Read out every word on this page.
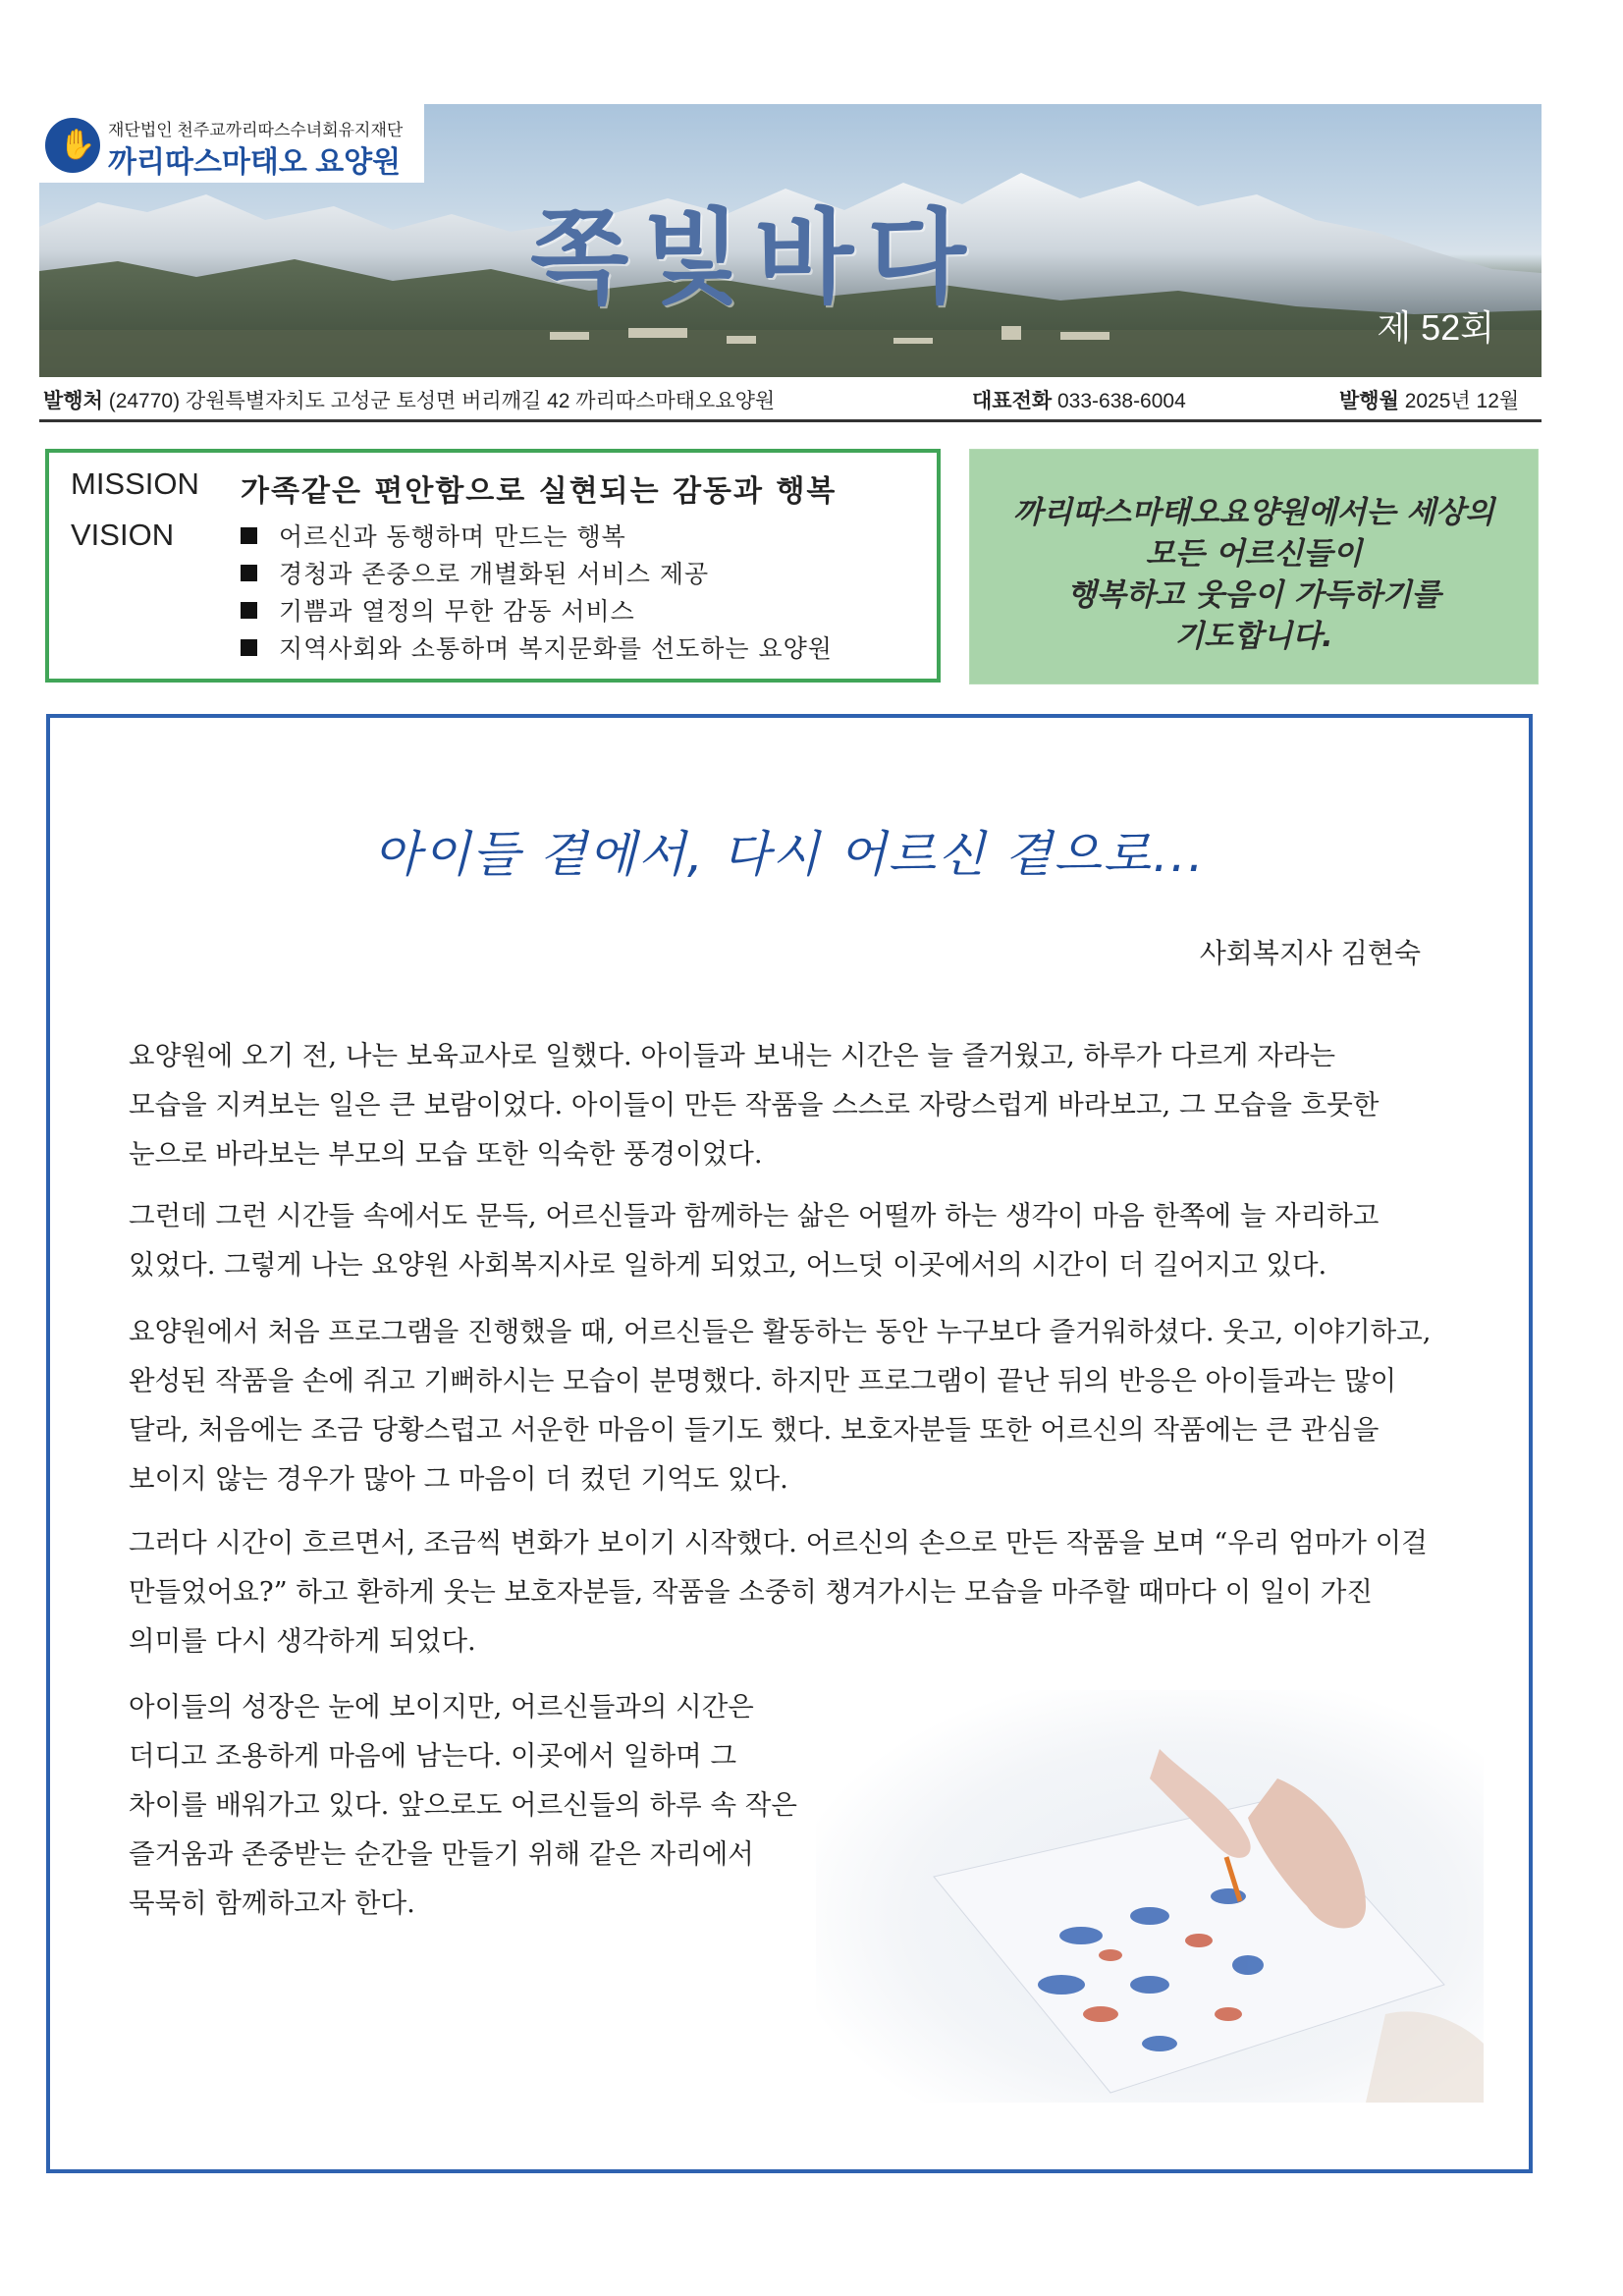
✋ 재단법인 천주교까리따스수녀회유지재단
까리따스마태오 요양원
쪽빛바다
제 52회
발행처 (24770) 강원특별자치도 고성군 토성면 버리깨길 42 까리따스마태오요양원	대표전화 033-638-6004	발행월 2025년 12월
MISSION 가족같은 편안함으로 실현되는 감동과 행복
VISION	어르신과 동행하며 만드는 행복
경청과 존중으로 개별화된 서비스 제공
기쁨과 열정의 무한 감동 서비스
지역사회와 소통하며 복지문화를 선도하는 요양원
까리따스마태오요양원에서는 세상의
모든 어르신들이
행복하고 웃음이 가득하기를
기도합니다.
아이들 곁에서, 다시 어르신 곁으로...
사회복지사 김현숙

요양원에 오기 전, 나는 보육교사로 일했다. 아이들과 보내는 시간은 늘 즐거웠고, 하루가 다르게 자라는
모습을 지켜보는 일은 큰 보람이었다. 아이들이 만든 작품을 스스로 자랑스럽게 바라보고, 그 모습을 흐뭇한
눈으로 바라보는 부모의 모습 또한 익숙한 풍경이었다.

그런데 그런 시간들 속에서도 문득, 어르신들과 함께하는 삶은 어떨까 하는 생각이 마음 한쪽에 늘 자리하고
있었다. 그렇게 나는 요양원 사회복지사로 일하게 되었고, 어느덧 이곳에서의 시간이 더 길어지고 있다.

요양원에서 처음 프로그램을 진행했을 때, 어르신들은 활동하는 동안 누구보다 즐거워하셨다. 웃고, 이야기하고,
완성된 작품을 손에 쥐고 기뻐하시는 모습이 분명했다. 하지만 프로그램이 끝난 뒤의 반응은 아이들과는 많이
달라, 처음에는 조금 당황스럽고 서운한 마음이 들기도 했다. 보호자분들 또한 어르신의 작품에는 큰 관심을
보이지 않는 경우가 많아 그 마음이 더 컸던 기억도 있다.

그러다 시간이 흐르면서, 조금씩 변화가 보이기 시작했다. 어르신의 손으로 만든 작품을 보며 “우리 엄마가 이걸
만들었어요?” 하고 환하게 웃는 보호자분들, 작품을 소중히 챙겨가시는 모습을 마주할 때마다 이 일이 가진
의미를 다시 생각하게 되었다.

아이들의 성장은 눈에 보이지만, 어르신들과의 시간은
더디고 조용하게 마음에 남는다. 이곳에서 일하며 그
차이를 배워가고 있다. 앞으로도 어르신들의 하루 속 작은
즐거움과 존중받는 순간을 만들기 위해 같은 자리에서
묵묵히 함께하고자 한다.
